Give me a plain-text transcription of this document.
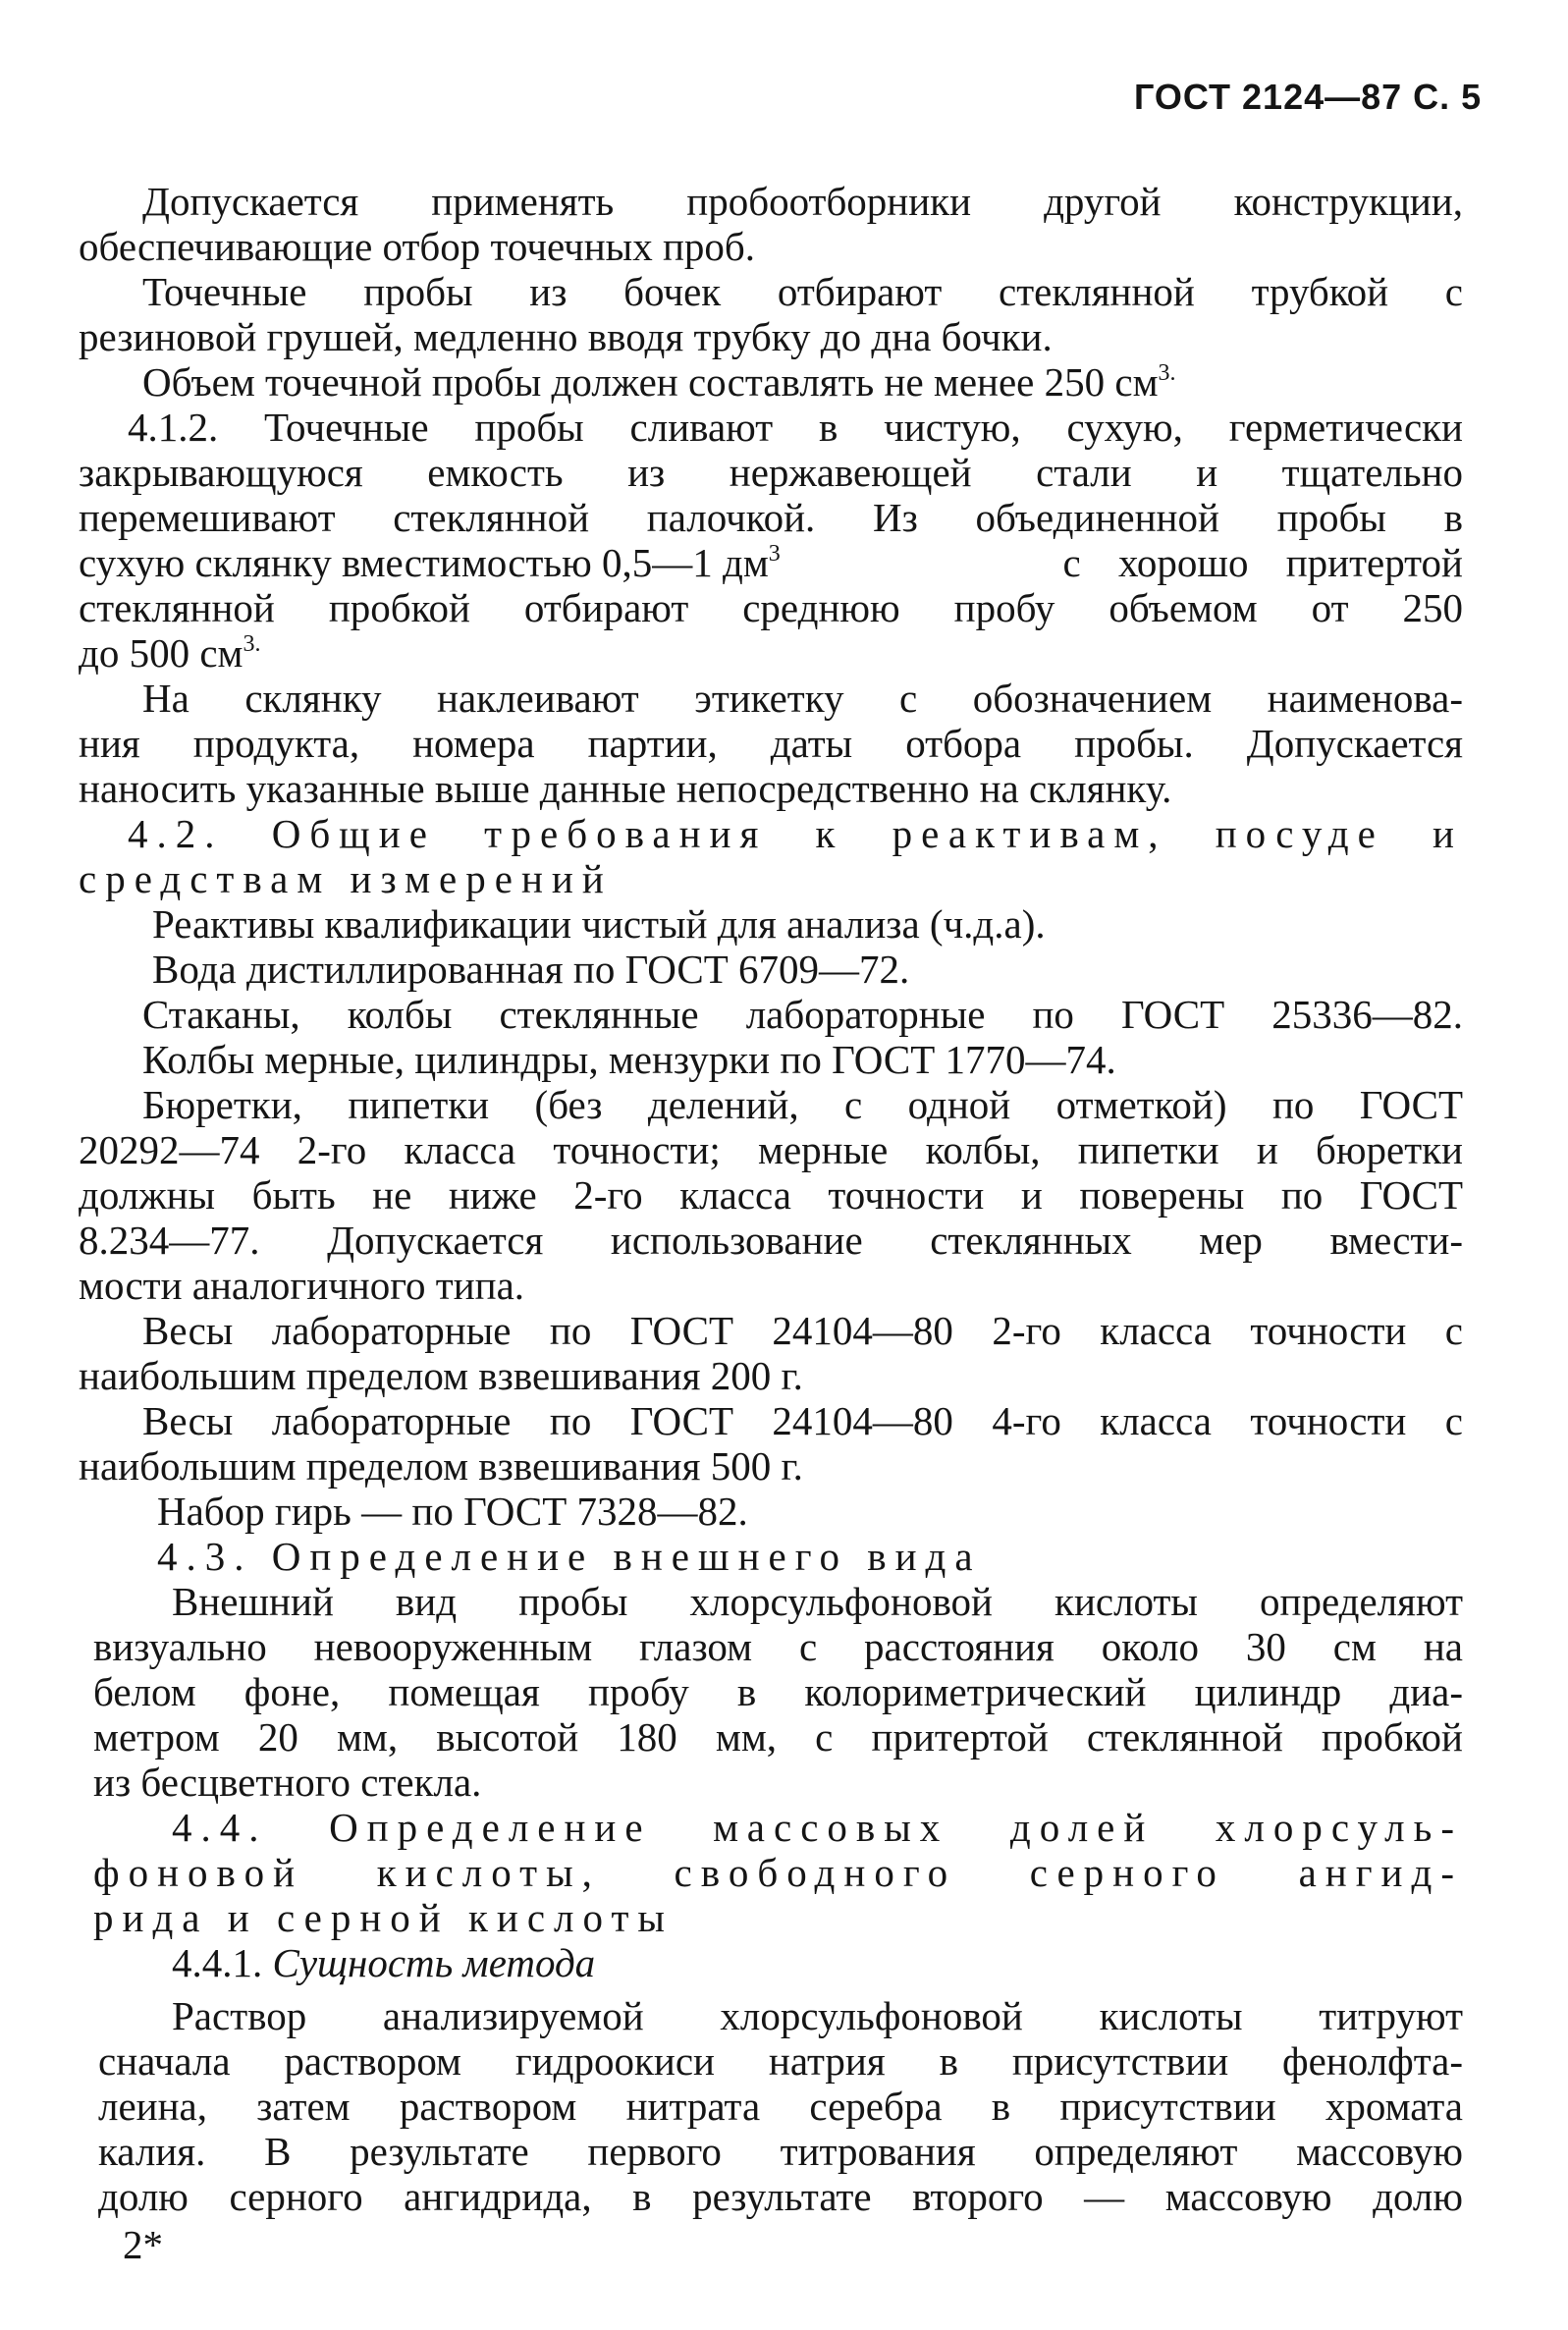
ГОСТ 2124—87 С. 5
Допускается применять пробоотборники другой конструкции,
обеспечивающие отбор точечных проб.
Точечные пробы из бочек отбирают стеклянной трубкой с
резиновой грушей, медленно вводя трубку до дна бочки.
Объем точечной пробы должен составлять не менее 250 $см^{3.}$
4.1.2. Точечные пробы сливают в чистую, сухую, герметически
закрывающуюся емкость из нержавеющей стали и тщательно
перемешивают стеклянной палочкой. Из объединенной пробы в
сухую склянку вместимостью 0,5—1 $дм^3$	с хорошо притертой
стеклянной пробкой отбирают среднюю пробу объемом от 250
до 500 $см^{3.}$
На склянку наклеивают этикетку с обозначением наименова-
ния продукта, номера партии, даты отбора пробы. Допускается
наносить указанные выше данные непосредственно на склянку.
4.2. Общие требования к реактивам, посуде и
средствам измерений
Реактивы квалификации чистый для анализа (ч.д.а).
Вода дистиллированная по ГОСТ 6709—72.
Стаканы, колбы стеклянные лабораторные по ГОСТ 25336—82.
Колбы мерные, цилиндры, мензурки по ГОСТ 1770—74.
Бюретки, пипетки (без делений, с одной отметкой) по ГОСТ
20292—74 2-го класса точности; мерные колбы, пипетки и бюретки
должны быть не ниже 2-го класса точности и поверены по ГОСТ
8.234—77. Допускается использование стеклянных мер вмести-
мости аналогичного типа.
Весы лабораторные по ГОСТ 24104—80 2-го класса точности с
наибольшим пределом взвешивания 200 г.
Весы лабораторные по ГОСТ 24104—80 4-го класса точности с
наибольшим пределом взвешивания 500 г.
Набор гирь — по ГОСТ 7328—82.
4.3. Определение внешнего вида
Внешний вид пробы хлорсульфоновой кислоты определяют
визуально невооруженным глазом с расстояния около 30 см на
белом фоне, помещая пробу в колориметрический цилиндр диа-
метром 20 мм, высотой 180 мм, с притертой стеклянной пробкой
из бесцветного стекла.
4.4. Определение массовых долей хлорсуль-
фоновой кислоты, свободного серного ангид-
рида и серной кислоты
4.4.1. Сущность метода
Раствор анализируемой хлорсульфоновой кислоты титруют
сначала раствором гидроокиси натрия в присутствии фенолфта-
леина, затем раствором нитрата серебра в присутствии хромата
калия. В результате первого титрования определяют массовую
долю серного ангидрида, в результате второго — массовую долю
2*
